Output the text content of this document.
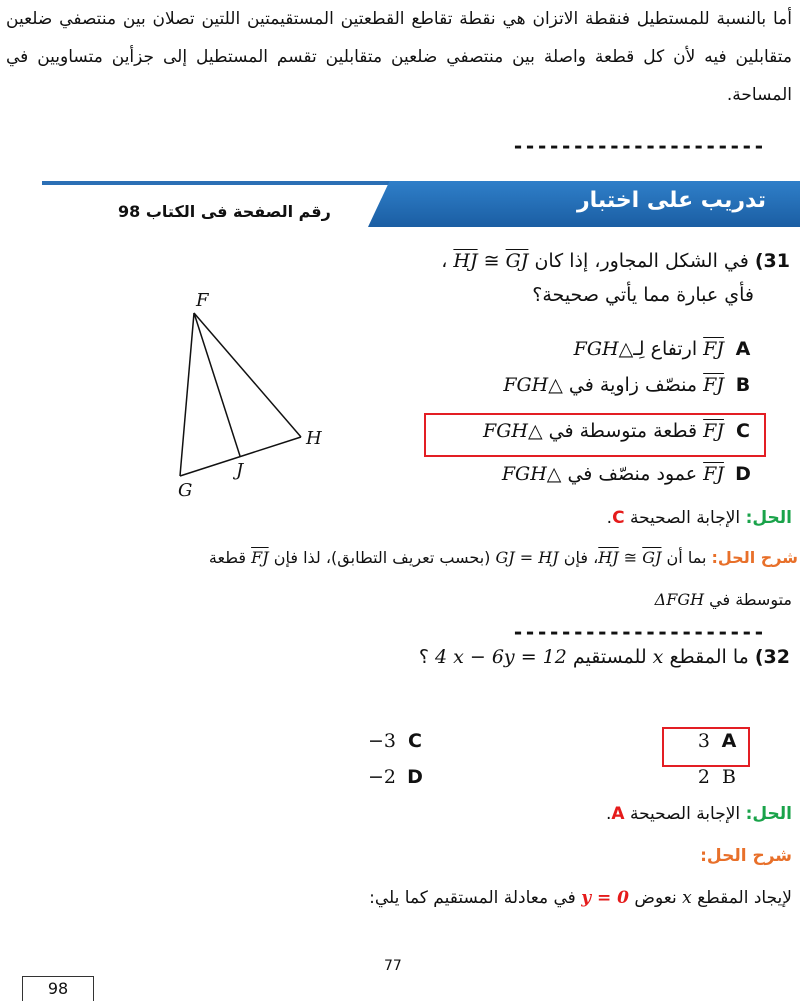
أما بالنسبة للمستطيل فنقطة الاتزان هي نقطة تقاطع القطعتين المستقيمتين اللتين تصلان بين منتصفي ضلعين متقابلين فيه لأن كل قطعة واصلة بين منتصفي ضلعين متقابلين تقسم المستطيل إلى جزأين متساويين في المساحة.
---------------------
تدريب على اختبار
رقم الصفحة فى الكتاب 98
31) في الشكل المجاور، إذا كان HJ ≅ GJ ،
فأي عبارة مما يأتي صحيحة؟
F
G
H
J
A FJ ارتفاع لِـ△FGH
B FJ منصّف زاوية في △FGH
C FJ قطعة متوسطة في △FGH
D FJ عمود منصّف في △FGH
الحل: الإجابة الصحيحة C.
شرح الحل: بما أن HJ ≅ GJ، فإن GJ = HJ (بحسب تعريف التطابق)، لذا فإن FJ قطعة
متوسطة في ΔFGH
---------------------
32) ما المقطع x للمستقيم 4 x − 6y = 12 ؟
A 3
B 2
C −3
D −2
الحل: الإجابة الصحيحة A.
شرح الحل:
لإيجاد المقطع x نعوض y = 0 في معادلة المستقيم كما يلي:
77
98
